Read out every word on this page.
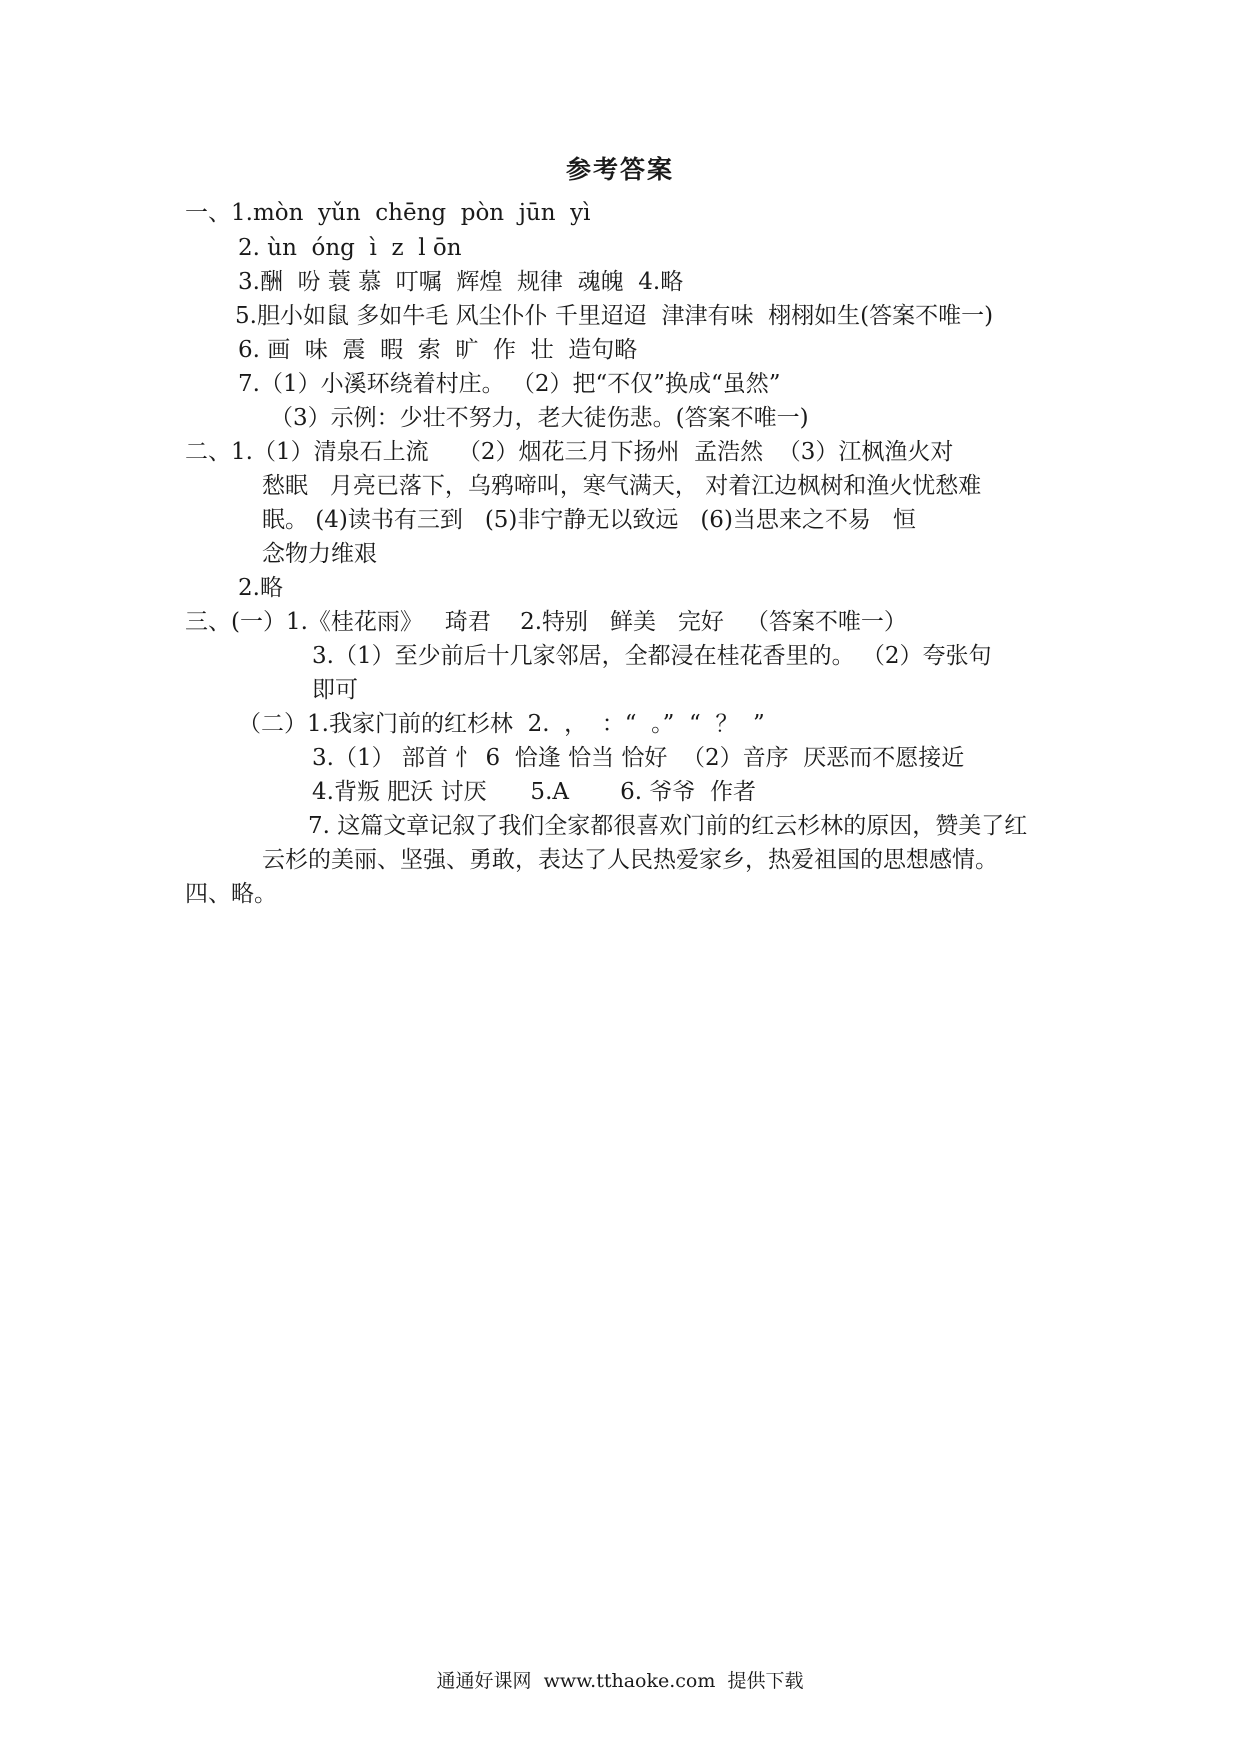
参考答案
一、1.mòn  yǔn  chēng  pòn  jūn  yì
2. ùn  óng  ì  z  l ōn
3.酬  吩 蓑 慕  叮嘱  辉煌  规律  魂魄  4.略
5.胆小如鼠 多如牛毛 风尘仆仆 千里迢迢  津津有味  栩栩如生(答案不唯一)
6. 画  味  震  暇  索  旷  作  壮  造句略
7.（1）小溪环绕着村庄。 （2）把“不仅”换成“虽然”
（3）示例：少壮不努力，老大徒伤悲。(答案不唯一)
二、1.（1）清泉石上流    （2）烟花三月下扬州  孟浩然  （3）江枫渔火对
愁眠   月亮已落下，乌鸦啼叫，寒气满天， 对着江边枫树和渔火忧愁难
眠。 (4)读书有三到   (5)非宁静无以致远   (6)当思来之不易   恒
念物力维艰
2.略
三、(一）1.《桂花雨》   琦君    2.特别   鲜美   完好   （答案不唯一）
3.（1）至少前后十几家邻居，全都浸在桂花香里的。 （2）夸张句
即可
（二）1.我家门前的红杉林  2.  ，  ：“  。”  “  ？  ”
3.（1） 部首 忄 6  恰逢 恰当 恰好  （2）音序  厌恶而不愿接近
4.背叛 肥沃 讨厌      5.A       6. 爷爷  作者
7. 这篇文章记叙了我们全家都很喜欢门前的红云杉林的原因，赞美了红
云杉的美丽、坚强、勇敢，表达了人民热爱家乡，热爱祖国的思想感情。
四、略。
通通好课网  www.tthaoke.com  提供下载
